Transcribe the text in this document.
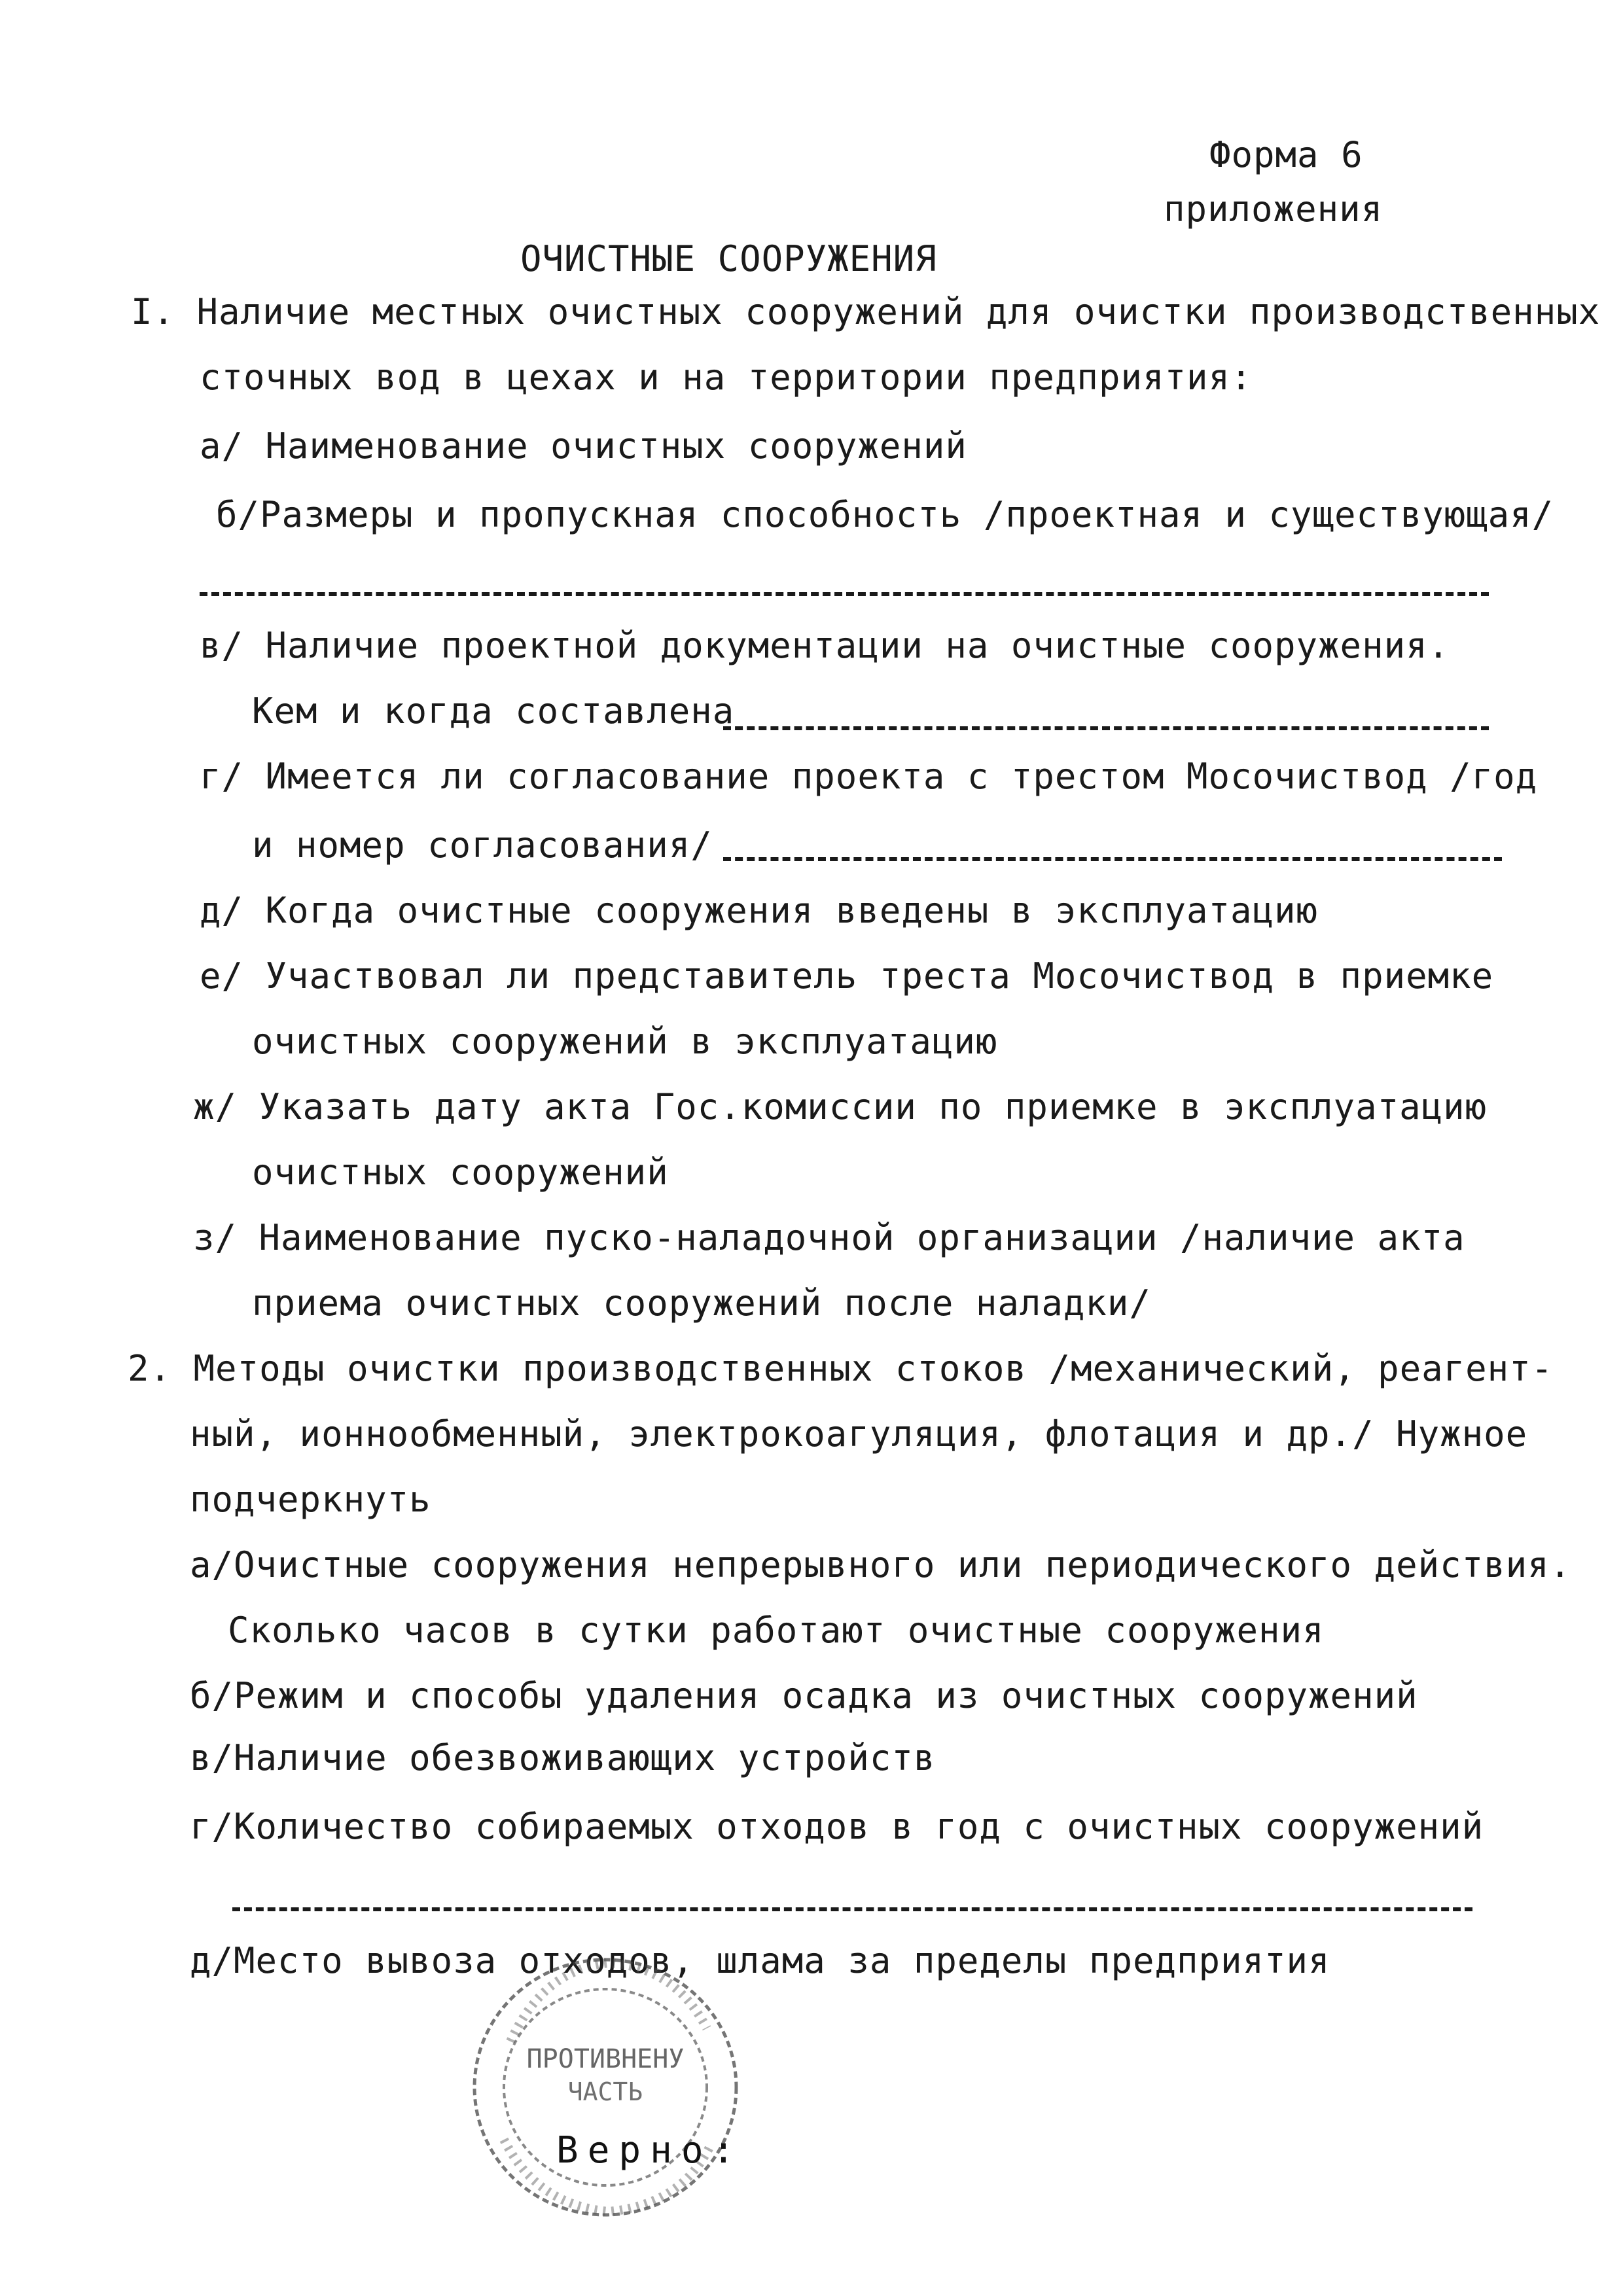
Форма 6
приложения
ОЧИСТНЫЕ СООРУЖЕНИЯ
I. Наличие местных очистных сооружений для очистки производственных
сточных вод в цехах и на территории предприятия:
а/ Наименование очистных сооружений
б/Размеры и пропускная способность /проектная и существующая/
в/ Наличие проектной документации на очистные сооружения.
Кем и когда составлена
г/ Имеется ли согласование проекта с трестом Мосочиствод /год
и номер согласования/
д/ Когда очистные сооружения введены в эксплуатацию
е/ Участвовал ли представитель треста Мосочиствод в приемке
очистных сооружений в эксплуатацию
ж/ Указать дату акта Гос.комиссии по приемке в эксплуатацию
очистных сооружений
з/ Наименование пуско-наладочной организации /наличие акта
приема очистных сооружений после наладки/
2. Методы очистки производственных стоков /механический, реагент-
ный, ионнообменный, электрокоагуляция, флотация и др./ Нужное
подчеркнуть
а/Очистные сооружения непрерывного или периодического действия.
Сколько часов в сутки работают очистные сооружения
б/Режим и способы удаления осадка из очистных сооружений
в/Наличие обезвоживающих устройств
г/Количество собираемых отходов в год с очистных сооружений
д/Место вывоза отходов, шлама за пределы предприятия
ПРОТИВНЕНУ
ЧАСТЬ
Верно:
